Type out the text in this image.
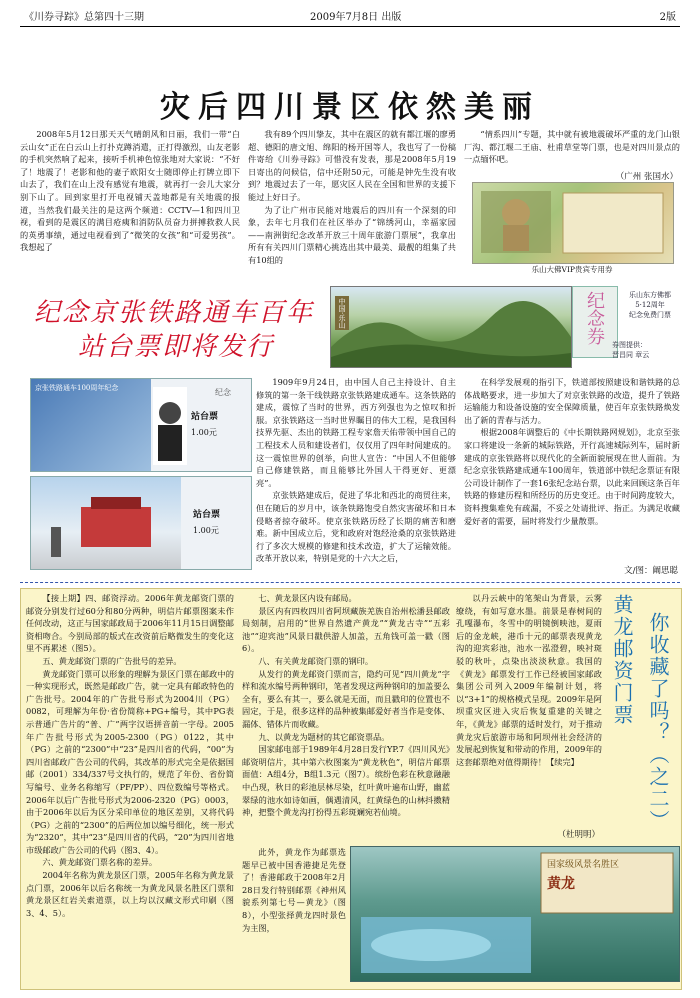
《川券寻踪》总第四十三期	2009年7月8日 出版	2版
灾后四川景区依然美丽

2008年5月12日那天天气晴朗风和日丽，我们一带“白云山女”正在白云山上打扑克蹲消遣，正打得激烈，山友老影的手机突然响了起来，接听手机神色惊张地对大家说：“不好了！地震了！老影和他的妻子欧阳女士随即停止打牌立即下山去了，我们在山上没有感觉有地震，就再打一会儿大家分别下山了。回到家里打开电视铺天盖地都是有关地震的报道，当然我们最关注的是这两个频道：CCTV—1和四川卫视，看到的是震区的满目疮痍和消防队员奋力拼搏救救人民的英勇事绩，通过电视看到了“微笑的女孩”和“可爱男孩”。我想起了

我有89个四川挚友，其中在震区的就有都江堰的廖勇超、德阳的唐文旭、绵阳的杨开国等人，我也写了一份稿件寄给《川券寻踪》可惜没有发表，那是2008年5月19日寄出的问候信，信中还附50元，可能是钟先生没有收到？地震过去了一年，愿灾区人民在全国和世界的支援下能过上好日子。

为了让广州市民能对地震后的四川有一个深刻的印象，去年七月我们在社区举办了“锦绣河山，幸福家园——南洲街纪念改革开放三十周年旅游门票展”，我拿出所有有关四川门票精心挑选出其中最美、最靓的组集了共有10组的

“情系四川”专题，其中就有被地震破坏严重的龙门山银厂沟、都江堰二王庙、杜甫草堂等门票，也是对四川景点的一点缅怀吧。

（广州 张国水）
乐山大佛VIP贵宾专用券
纪念京张铁路通车百年
站台票即将发行
中国·乐山	纪念券	乐山东方佛都
5·12周年
纪念免费门票
券图提供：
晋昌同 章云
京张铁路通车100周年纪念
站台票
1.00元
纪念
站台票
1.00元

1909年9月24日，由中国人自己主持设计、自主修筑的第一条干线铁路京张铁路建成通车。这条铁路的建成，震惊了当时的世界，西方列强也为之惊叹和折服。京张铁路这一当时世界瞩目的伟大工程，是我国科技界先驱、杰出的铁路工程专家詹天佑带领中国自己的工程技术人员和建设者们，仅仅用了四年时间建成的。这一震惊世界的创举，向世人宣告：“中国人不但能够自己修建铁路，而且能够比外国人干得更好、更漂亮”。

京张铁路建成后，促进了华北和西北的商贸往来，但在随后的岁月中，该条铁路饱受自然灾害破坏和日本侵略者掠夺破坏。使京张铁路历经了长期的痛苦和磨难。新中国成立后，党和政府对饱经沧桑的京张铁路进行了多次大规模的修建和技术改造，扩大了运输效能。改革开放以来，特别是党的十六大之后，

在科学发展观的指引下，铁道部按照建设和谐铁路的总体战略要求，进一步加大了对京张铁路的改造，提升了铁路运输能力和设备设施的安全保障质量，使百年京张铁路焕发出了新的青春与活力。

根据2008年调整后的《中长期铁路网规划》，北京至张家口将建设一条新的城际铁路，开行高速城际列车，届时新建成的京张铁路将以现代化的全新面貌展现在世人面前。为纪念京张铁路建成通车100周年，铁道部中铁纪念票证有限公司设计制作了一套16张纪念站台票，以此来回顾这条百年铁路的修建历程和所经历的历史变迁。由于时间跨度较大，资料搜集难免有疏漏，不妥之处请批评、指正。为满足收藏爱好者的需要，届时将发行少量散票。

文/图：阚思聪

【接上期】四、邮资浮动。2006年黄龙邮资门票的邮资分别发行过60分和80分两种，明信片邮票图案未作任何改动，这正与国家邮政局于2006年11月15日调整邮资相吻合。今别局部的版式在改资前后略微发生的变化这里不再累述（图5）。

五、黄龙邮资门票的广告批号的差异。

黄龙邮资门票可以形象的理解为景区门票在邮政中的一种实现形式，既然是邮政广告，就一定具有邮政特色的广告批号。2004年的广告批号形式为2004川（PG）0082，可理解为年份·省份简称+PG+编号，其中PG表示普通广告片的“普、广”两字汉语拼音前一字母。2005年广告批号形式为2005-2300（PG）0122，其中（PG）之前的“2300”中“23”是四川省的代码，“00”为四川省邮政广告公司的代码，其改革的形式完全是依据国邮（2001）334/337号文执行的，规范了年份、省份简写编号、业务名称缩写（PF/PP）、四位数编号等格式。2006年以后广告批号形式为2006-2320（PG）0003，由于2006年以后为区分采印单位的地区差别，又将代码（PG）之前的“2300”的后两位加以编号细化，统一形式为“2320”，其中“23”是四川省的代码，“20”为四川省地市级邮政广告公司的代码（图3、4）。

六、黄龙邮资门票名称的差异。

2004年名称为黄龙景区门票，2005年名称为黄龙景点门票，2006年以后名称统一为黄龙风景名胜区门票和黄龙景区红岩关索道票，以上均以汉藏文形式印刷（图3、4、5）。

七、黄龙景区内设有邮局。

景区内有四枚四川省阿坝藏族羌族自治州松潘县邮政局刻制，启用的“世界自然遗产黄龙”“黄龙古寺”“五彩池”“迎宾池”风景日戳供游人加盖，五角钱可盖一戳（图6）。

八、有关黄龙邮资门票的钢印。

从发行的黄龙邮资门票而言，隐约可见“四川黄龙”字样和流水编号两种钢印，笔者发现这两种钢印的加盖要么全有，要么有其一，要么就是无面，而且戳印的位置也不固定，于是，很多这样的品种被集邮爱好者当作是变体、漏体、错体片而收藏。

九、以黄龙为题材的其它邮资票品。

国家邮电部于1989年4月28日发行YP.7《四川风光》邮资明信片，其中第六枚图案为“黄龙秋色”，明信片邮票面值：A组4分，B组1.3元（图7）。缤纷色彩在秋意融融中凸现，秋日的彩池层林尽染，红叶黄叶遍布山野，幽蓝翠绿的池水如诗如画，偶遇清风，红黄绿色的山林抖擞精神，把整个黄龙沟打扮得五彩斑斓宛若仙境。

以丹云峡中的笔架山为背景，云雾缭绕，有如写意水墨。前景是春树间的孔嘎瀑布，冬雪中的明镜倒映池，夏雨后的金龙峡，港币十元的邮票表现黄龙沟的迎宾彩池，池水一泓澄碧，映衬斑驳的秋叶，点染出淡淡秋意。我国的《黄龙》邮票发行工作已经被国家邮政集团公司列入2009年编制计划，将以“3+1”的规格模式呈现。2009年是阿坝重灾区进入灾后恢复重建的关键之年，《黄龙》邮票的适时发行，对于推动黄龙灾后旅游市场和阿坝州社会经济的发展起到恢复和带动的作用，2009年的这套邮票绝对值得期待！【续完】

（杜明明）
黄龙邮资门票 你收藏了吗？（之二）
国家级风景名胜区
黄龙

此外，黄龙作为邮票选题早已被中国香港捷足先登了！香港邮政于2008年2月28日发行特别邮票《神州风貌系列第七号—黄龙》（图8），小型张择黄龙四时景色为主图，
